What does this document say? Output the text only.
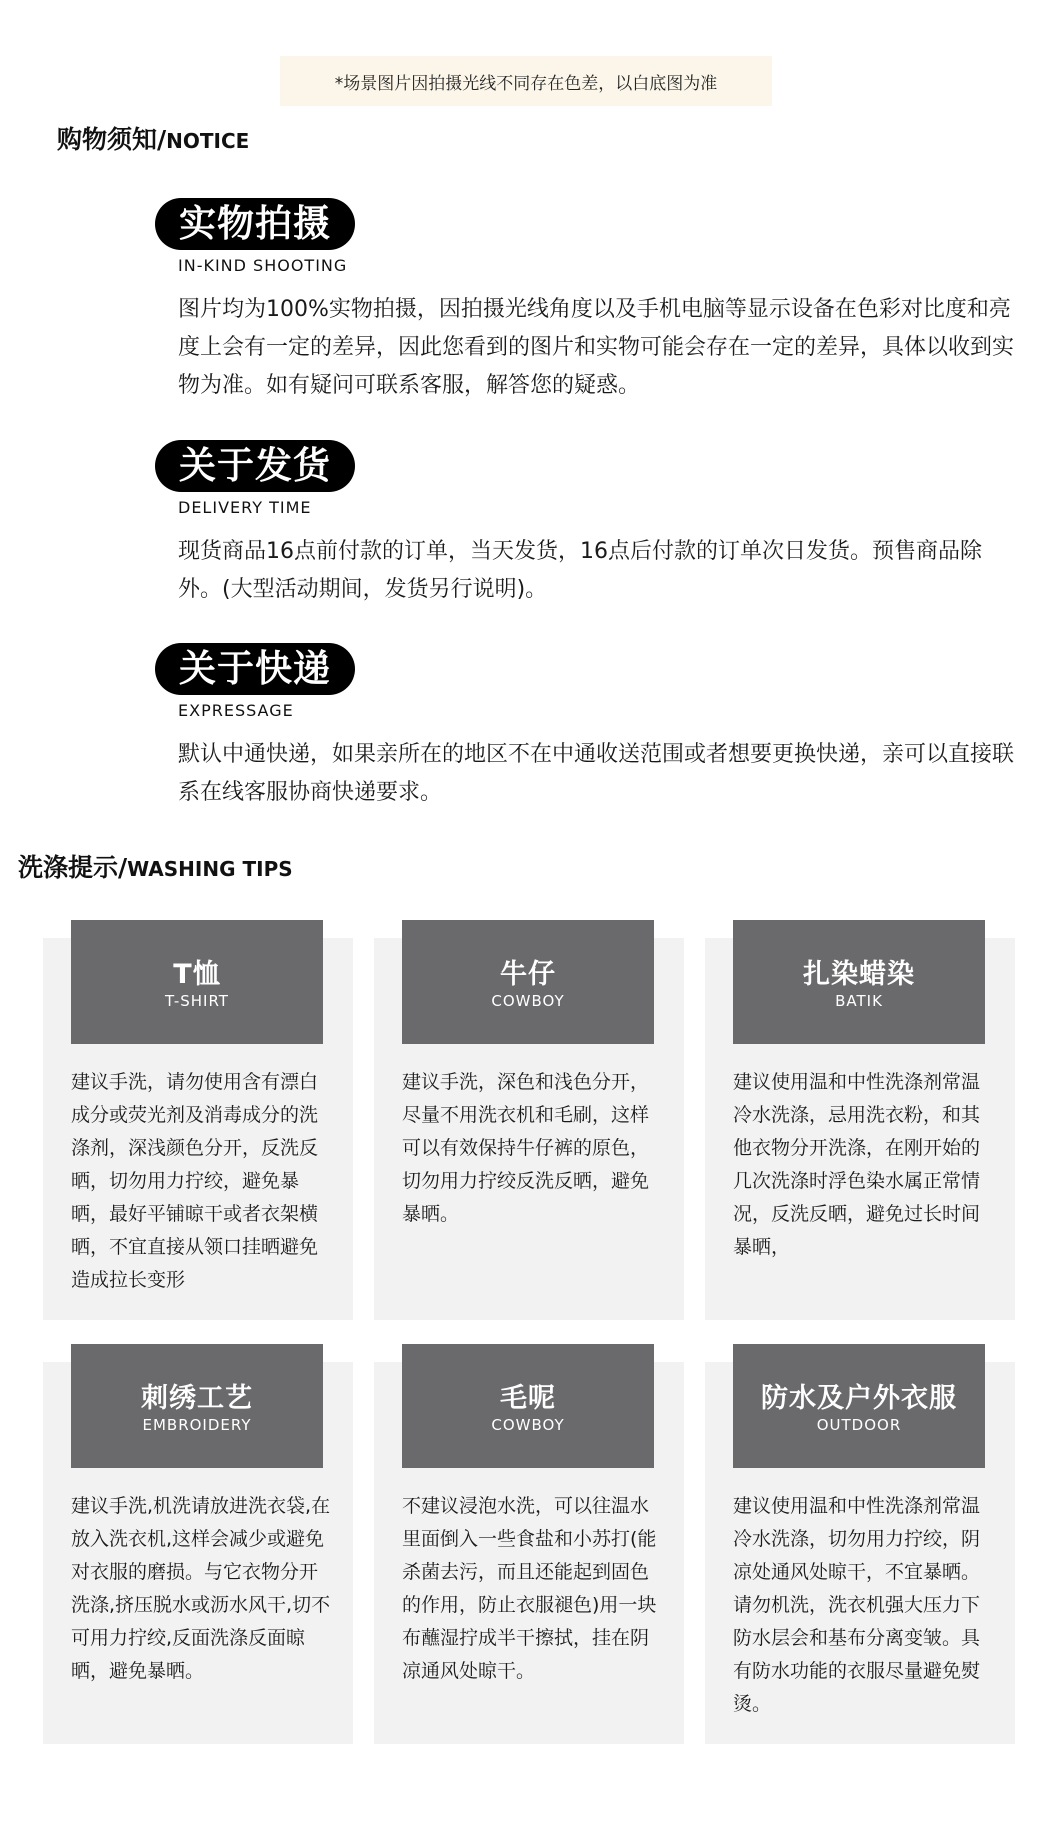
*场景图片因拍摄光线不同存在色差，以白底图为准
购物须知/NOTICE
实物拍摄
IN-KIND SHOOTING
图片均为100%实物拍摄，因拍摄光线角度以及手机电脑等显示设备在色彩对比度和亮度上会有一定的差异，因此您看到的图片和实物可能会存在一定的差异，具体以收到实物为准。如有疑问可联系客服，解答您的疑惑。
关于发货
DELIVERY TIME
现货商品16点前付款的订单，当天发货，16点后付款的订单次日发货。预售商品除外。(大型活动期间，发货另行说明)。
关于快递
EXPRESSAGE
默认中通快递，如果亲所在的地区不在中通收送范围或者想要更换快递，亲可以直接联系在线客服协商快递要求。
洗涤提示/WASHING TIPS
T恤
T-SHIRT
建议手洗，请勿使用含有漂白成分或荧光剂及消毒成分的洗涤剂，深浅颜色分开，反洗反晒，切勿用力拧绞，避免暴晒，最好平铺晾干或者衣架横晒，不宜直接从领口挂晒避免造成拉长变形
牛仔
COWBOY
建议手洗，深色和浅色分开，尽量不用洗衣机和毛刷，这样可以有效保持牛仔裤的原色，切勿用力拧绞反洗反晒，避免暴晒。
扎染蜡染
BATIK
建议使用温和中性洗涤剂常温冷水洗涤，忌用洗衣粉，和其他衣物分开洗涤，在刚开始的几次洗涤时浮色染水属正常情况，反洗反晒，避免过长时间暴晒，
刺绣工艺
EMBROIDERY
建议手洗,机洗请放进洗衣袋,在放入洗衣机,这样会减少或避免对衣服的磨损。与它衣物分开洗涤,挤压脱水或沥水风干,切不可用力拧绞,反面洗涤反面晾晒，避免暴晒。
毛呢
COWBOY
不建议浸泡水洗，可以往温水里面倒入一些食盐和小苏打(能杀菌去污，而且还能起到固色的作用，防止衣服褪色)用一块布蘸湿拧成半干擦拭，挂在阴凉通风处晾干。
防水及户外衣服
OUTDOOR
建议使用温和中性洗涤剂常温冷水洗涤，切勿用力拧绞，阴凉处通风处晾干，不宜暴晒。请勿机洗，洗衣机强大压力下防水层会和基布分离变皱。具有防水功能的衣服尽量避免熨烫。
